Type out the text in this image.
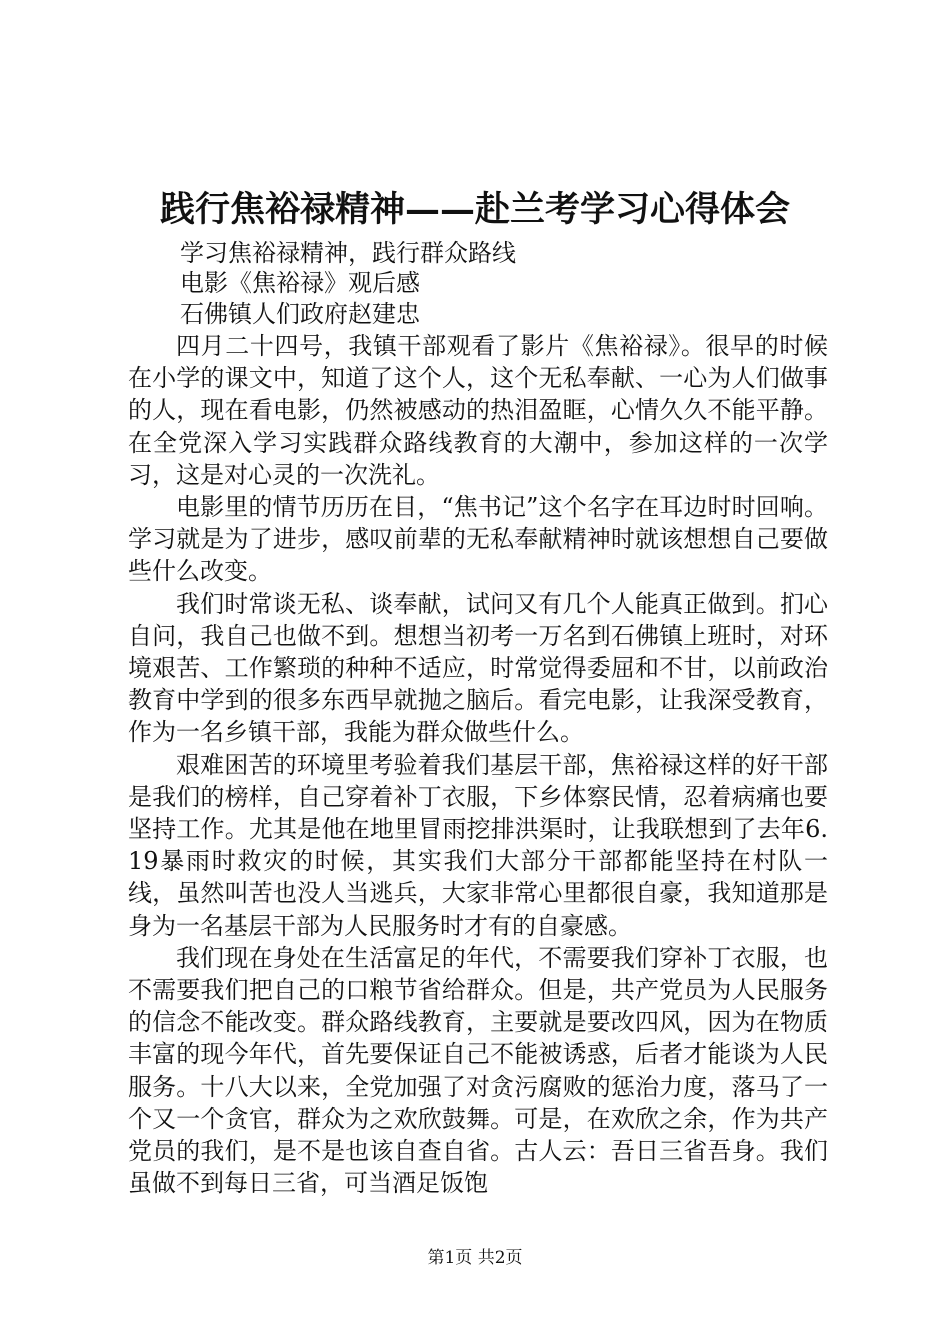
践行焦裕禄精神——赴兰考学习心得体会

学习焦裕禄精神，践行群众路线

电影《焦裕禄》观后感

石佛镇人们政府赵建忠

四月二十四号，我镇干部观看了影片《焦裕禄》。很早的时候在小学的课文中，知道了这个人，这个无私奉献、一心为人们做事的人，现在看电影，仍然被感动的热泪盈眶，心情久久不能平静。在全党深入学习实践群众路线教育的大潮中，参加这样的一次学习，这是对心灵的一次洗礼。

电影里的情节历历在目，“焦书记”这个名字在耳边时时回响。学习就是为了进步，感叹前辈的无私奉献精神时就该想想自己要做些什么改变。

我们时常谈无私、谈奉献，试问又有几个人能真正做到。扪心自问，我自己也做不到。想想当初考一万名到石佛镇上班时，对环境艰苦、工作繁琐的种种不适应，时常觉得委屈和不甘，以前政治教育中学到的很多东西早就抛之脑后。看完电影，让我深受教育，作为一名乡镇干部，我能为群众做些什么。

艰难困苦的环境里考验着我们基层干部，焦裕禄这样的好干部是我们的榜样，自己穿着补丁衣服，下乡体察民情，忍着病痛也要坚持工作。尤其是他在地里冒雨挖排洪渠时，让我联想到了去年6.19暴雨时救灾的时候，其实我们大部分干部都能坚持在村队一线，虽然叫苦也没人当逃兵，大家非常心里都很自豪，我知道那是身为一名基层干部为人民服务时才有的自豪感。

我们现在身处在生活富足的年代，不需要我们穿补丁衣服，也不需要我们把自己的口粮节省给群众。但是，共产党员为人民服务的信念不能改变。群众路线教育，主要就是要改四风，因为在物质丰富的现今年代，首先要保证自己不能被诱惑，后者才能谈为人民服务。十八大以来，全党加强了对贪污腐败的惩治力度，落马了一个又一个贪官，群众为之欢欣鼓舞。可是，在欢欣之余，作为共产党员的我们，是不是也该自查自省。古人云：吾日三省吾身。我们虽做不到每日三省，可当酒足饭饱

第1页 共2页
